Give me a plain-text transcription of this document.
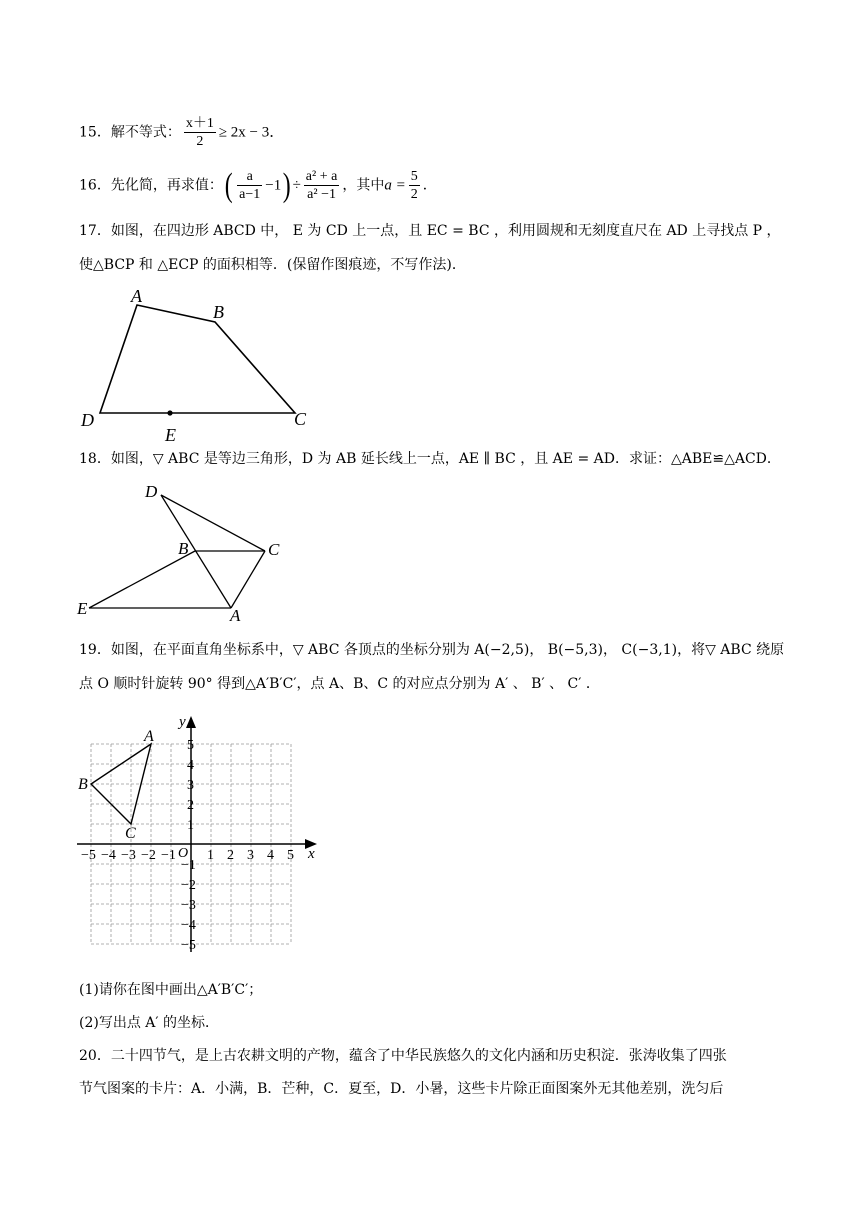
15．解不等式： $\frac{x+1}{2} \ge 2x - 3$．
16．先化简，再求值：( $\frac{a}{a-1} -1) \div \frac{\text{a² + a}}{\text{a² −1}}$ ，其中$a = \frac{5}{2}$ ．
17．如图，在四边形 ABCD 中， E 为 CD 上一点，且 EC = BC ，利用圆规和无刻度直尺在 AD 上寻找点 P ，
使△BCP 和 △ECP 的面积相等．(保留作图痕迹，不写作法)．
A
B
C
D
E
18．如图，▽ ABC 是等边三角形，D 为 AB 延长线上一点，AE ∥ BC ，且 AE = AD．求证：△ABE≌△ACD．
D
B	C
E	A
19．如图，在平面直角坐标系中，▽ ABC 各顶点的坐标分别为 A(−2,5)， B(−5,3)， C(−3,1)，将▽ ABC 绕原
点 O 顺时针旋转 90° 得到△A′B′C′，点 A、B、C 的对应点分别为 A′ 、 B′ 、 C′ ．
x
y
O
−5 −4 −3 −2 −1 1 2 3 4 5
5
4
3
2
1
−1
−2
−3
−4
−5
A
B
C
(1)请你在图中画出△A′B′C′；
(2)写出点 A′ 的坐标．
20．二十四节气，是上古农耕文明的产物，蕴含了中华民族悠久的文化内涵和历史积淀．张涛收集了四张
节气图案的卡片：A．小满，B．芒种，C．夏至，D．小暑，这些卡片除正面图案外无其他差别，洗匀后
